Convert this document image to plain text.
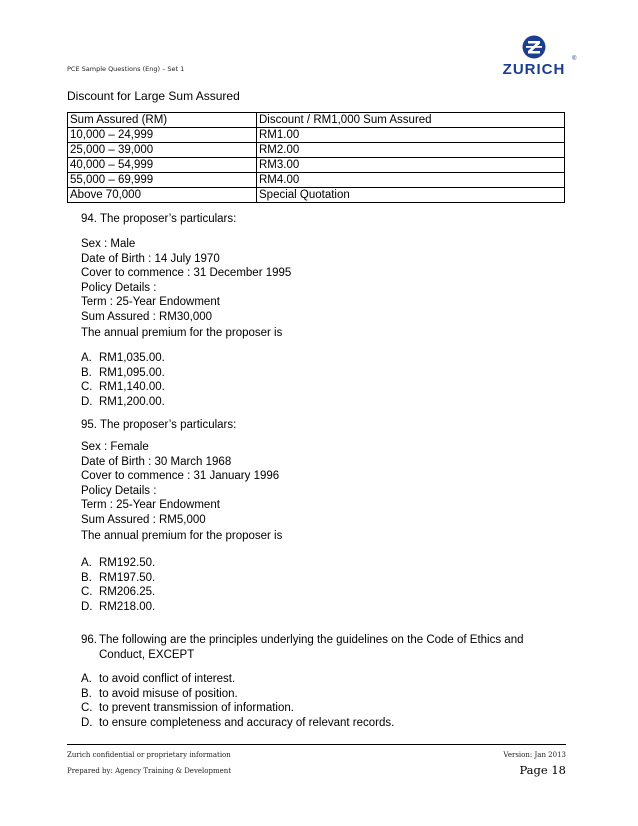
PCE Sample Questions (Eng) – Set 1	ZURICH
®
Discount for Large Sum Assured
Sum Assured (RM)	Discount / RM1,000 Sum Assured
10,000 – 24,999	RM1.00
25,000 – 39,000	RM2.00
40,000 – 54,999	RM3.00
55,000 – 69,999	RM4.00
Above 70,000	Special Quotation
94. The proposer’s particulars:
Sex : Male
Date of Birth : 14 July 1970
Cover to commence : 31 December 1995
Policy Details :
Term : 25-Year Endowment
Sum Assured : RM30,000
The annual premium for the proposer is
A. RM1,035.00.
B. RM1,095.00.
C. RM1,140.00.
D. RM1,200.00.
95. The proposer’s particulars:
Sex : Female
Date of Birth : 30 March 1968
Cover to commence : 31 January 1996
Policy Details :
Term : 25-Year Endowment
Sum Assured : RM5,000
The annual premium for the proposer is
A. RM192.50.
B. RM197.50.
C. RM206.25.
D. RM218.00.
96. The following are the principles underlying the guidelines on the Code of Ethics and
Conduct, EXCEPT
A. to avoid conflict of interest.
B. to avoid misuse of position.
C. to prevent transmission of information.
D. to ensure completeness and accuracy of relevant records.
Zurich confidential or proprietary information
Prepared by: Agency Training & Development
Version: Jan 2013
Page 18
